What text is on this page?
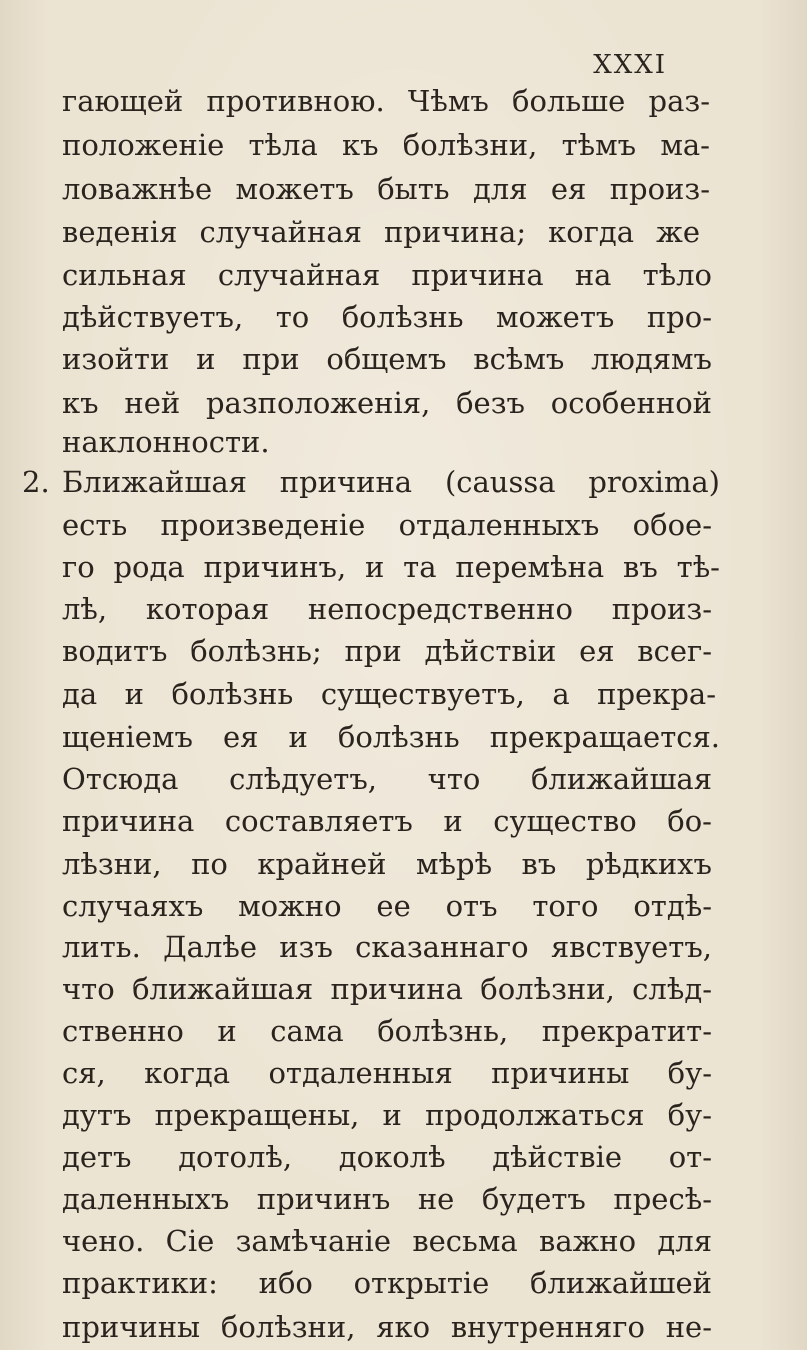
XXXI
гающей противною. Чѣмъ больше раз-
положеніе тѣла къ болѣзни, тѣмъ ма-
ловажнѣе можетъ быть для ея произ-
веденія случайная причина; когда же
сильная случайная причина на тѣло
дѣйствуетъ, то болѣзнь можетъ про-
изойти и при общемъ всѣмъ людямъ
къ ней разположенія, безъ особенной
наклонности.
Ближайшая причина (caussa proxima)
есть произведеніе отдаленныхъ обое-
го рода причинъ, и та перемѣна въ тѣ-
лѣ, которая непосредственно произ-
водитъ болѣзнь; при дѣйствіи ея всег-
да и болѣзнь существуетъ, а прекра-
щеніемъ ея и болѣзнь прекращается.
Отсюда слѣдуетъ, что ближайшая
причина составляетъ и существо бо-
лѣзни, по крайней мѣрѣ въ рѣдкихъ
случаяхъ можно ее отъ того отдѣ-
лить. Далѣе изъ сказаннаго явствуетъ,
что ближайшая причина болѣзни, слѣд-
ственно и сама болѣзнь, прекратит-
ся, когда отдаленныя причины бу-
дутъ прекращены, и продолжаться бу-
детъ дотолѣ, доколѣ дѣйствіе от-
даленныхъ причинъ не будетъ пресѣ-
чено. Сіе замѣчаніе весьма важно для
практики: ибо открытіе ближайшей
причины болѣзни, яко внутренняго не-
2.
